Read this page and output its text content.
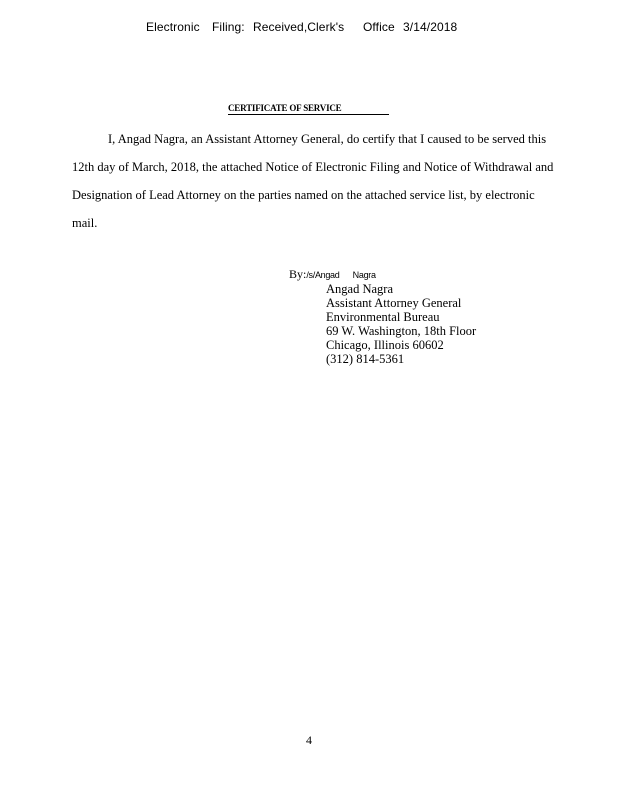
Electronic Filing: Received,Clerk's Office 3/14/2018
CERTIFICATE OF SERVICE
I, Angad Nagra, an Assistant Attorney General, do certify that I caused to be served this
12th day of March, 2018, the attached Notice of Electronic Filing and Notice of Withdrawal and
Designation of Lead Attorney on the parties named on the attached service list, by electronic
mail.
By:/s/Angad      Nagra
Angad Nagra
Assistant Attorney General
Environmental Bureau
69 W. Washington, 18th Floor
Chicago, Illinois 60602
(312) 814-5361
4
